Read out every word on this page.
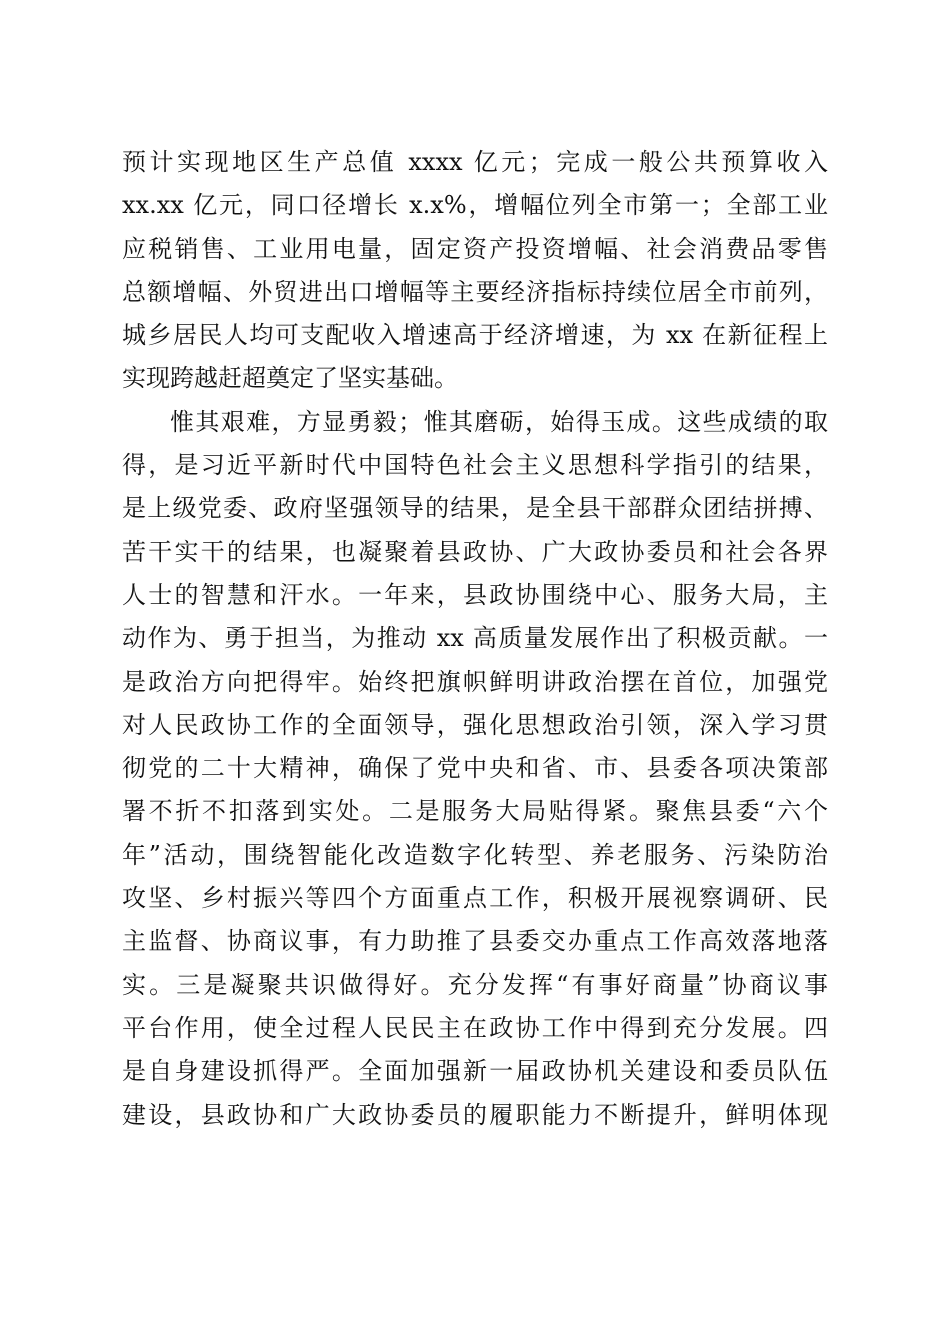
预计实现地区生产总值 xxxx 亿元；完成一般公共预算收入
xx.xx 亿元，同口径增长 x.x%，增幅位列全市第一；全部工业
应税销售、工业用电量，固定资产投资增幅、社会消费品零售
总额增幅、外贸进出口增幅等主要经济指标持续位居全市前列，
城乡居民人均可支配收入增速高于经济增速，为 xx 在新征程上
实现跨越赶超奠定了坚实基础。
惟其艰难，方显勇毅；惟其磨砺，始得玉成。这些成绩的取
得，是习近平新时代中国特色社会主义思想科学指引的结果，
是上级党委、政府坚强领导的结果，是全县干部群众团结拼搏、
苦干实干的结果，也凝聚着县政协、广大政协委员和社会各界
人士的智慧和汗水。一年来，县政协围绕中心、服务大局，主
动作为、勇于担当，为推动 xx 高质量发展作出了积极贡献。一
是政治方向把得牢。始终把旗帜鲜明讲政治摆在首位，加强党
对人民政协工作的全面领导，强化思想政治引领，深入学习贯
彻党的二十大精神，确保了党中央和省、市、县委各项决策部
署不折不扣落到实处。二是服务大局贴得紧。聚焦县委“六个
年”活动，围绕智能化改造数字化转型、养老服务、污染防治
攻坚、乡村振兴等四个方面重点工作，积极开展视察调研、民
主监督、协商议事，有力助推了县委交办重点工作高效落地落
实。三是凝聚共识做得好。充分发挥“有事好商量”协商议事
平台作用，使全过程人民民主在政协工作中得到充分发展。四
是自身建设抓得严。全面加强新一届政协机关建设和委员队伍
建设，县政协和广大政协委员的履职能力不断提升，鲜明体现
